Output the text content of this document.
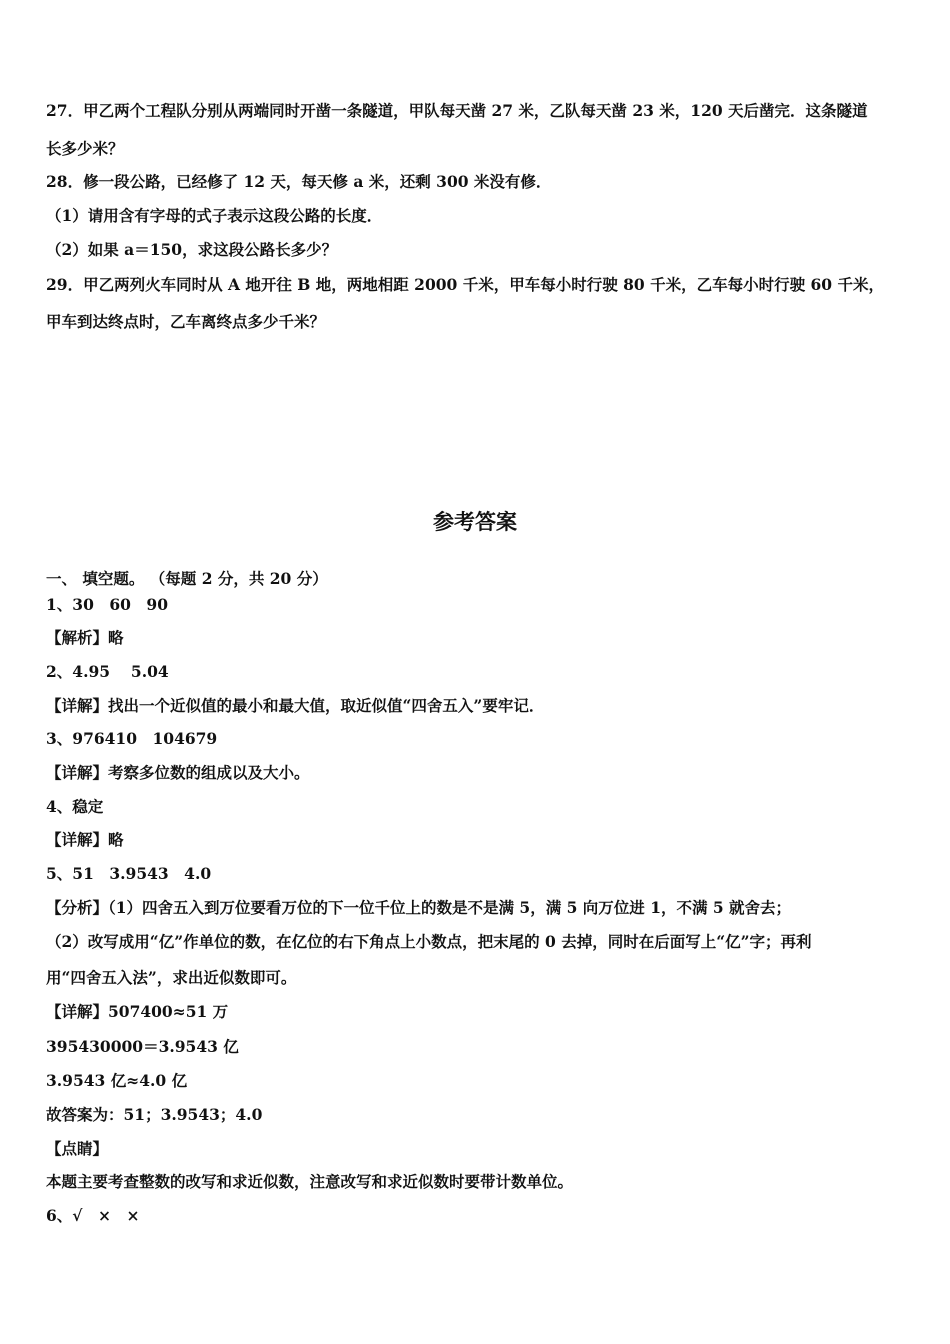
27．甲乙两个工程队分别从两端同时开凿一条隧道，甲队每天凿 27 米，乙队每天凿 23 米，120 天后凿完．这条隧道
长多少米？
28．修一段公路，已经修了 12 天，每天修 a 米，还剩 300 米没有修．
（1）请用含有字母的式子表示这段公路的长度．
（2）如果 a＝150，求这段公路长多少？
29．甲乙两列火车同时从 A 地开往 B 地，两地相距 2000 千米，甲车每小时行驶 80 千米，乙车每小时行驶 60 千米，
甲车到达终点时，乙车离终点多少千米？
参考答案
一、 填空题。 （每题 2 分，共 20 分）
1、30　60　90
【解析】略
2、4.95　 5.04
【详解】找出一个近似值的最小和最大值，取近似值“四舍五入”要牢记．
3、976410　104679
【详解】考察多位数的组成以及大小。
4、稳定
【详解】略
5、51　3.9543　4.0
【分析】（1）四舍五入到万位要看万位的下一位千位上的数是不是满 5，满 5 向万位进 1，不满 5 就舍去；
（2）改写成用“亿”作单位的数，在亿位的右下角点上小数点，把末尾的 0 去掉，同时在后面写上“亿”字；再利
用“四舍五入法”，求出近似数即可。
【详解】507400≈51 万
395430000＝3.9543 亿
3.9543 亿≈4.0 亿
故答案为：51；3.9543；4.0
【点睛】
本题主要考查整数的改写和求近似数，注意改写和求近似数时要带计数单位。
6、√　×　×
